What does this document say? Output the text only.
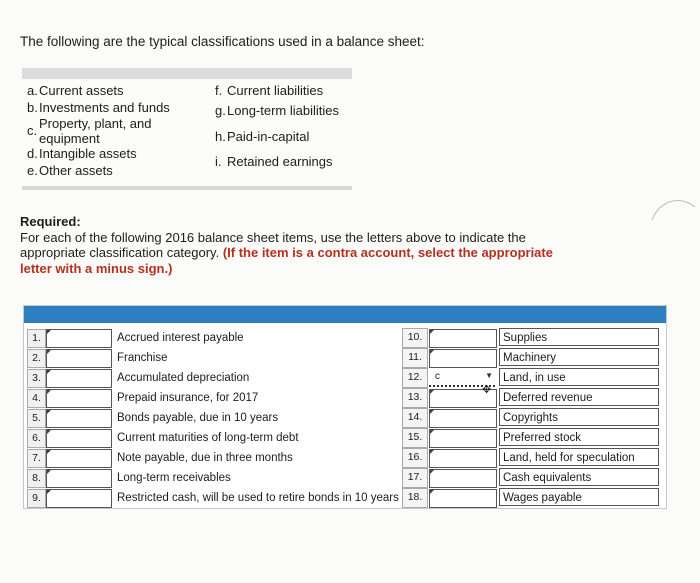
The following are the typical classifications used in a balance sheet:
a. Current assets
b. Investments and funds
c. Property, plant, and equipment
d. Intangible assets
e. Other assets
f. Current liabilities
g. Long-term liabilities
h. Paid-in-capital
i. Retained earnings
Required:
For each of the following 2016 balance sheet items, use the letters above to indicate the appropriate classification category. (If the item is a contra account, select the appropriate letter with a minus sign.)
1.	Accrued interest payable	10.	Supplies
2.	Franchise	11.	Machinery
3.	Accumulated depreciation	12.	c	▼ Land, in use
4.	Prepaid insurance, for 2017	13.	Deferred revenue
5.	Bonds payable, due in 10 years	14.	Copyrights
6.	Current maturities of long-term debt	15.	Preferred stock
7.	Note payable, due in three months	16.	Land, held for speculation
8.	Long-term receivables	17.	Cash equivalents
9.	Restricted cash, will be used to retire bonds in 10 years 18.	Wages payable
✥
